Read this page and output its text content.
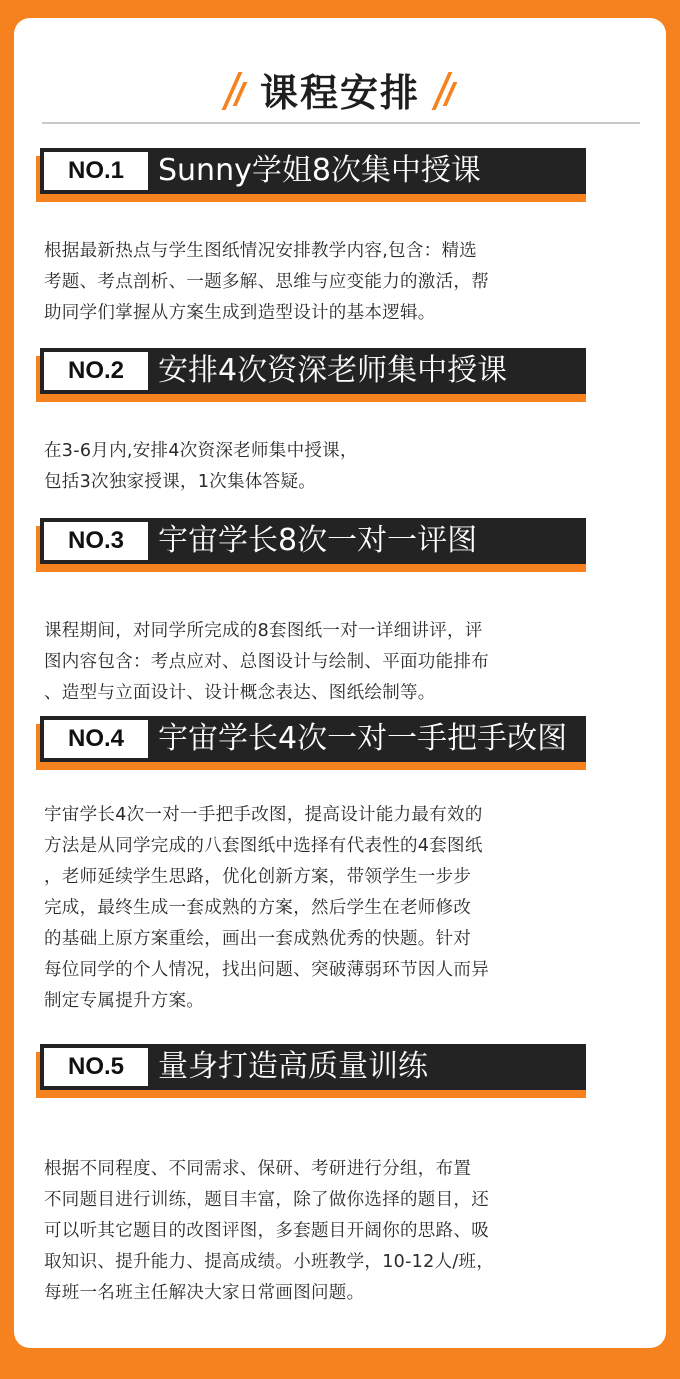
课程安排
NO.1	Sunny学姐8次集中授课
根据最新热点与学生图纸情况安排教学内容,包含：精选
考题、考点剖析、一题多解、思维与应变能力的激活，帮
助同学们掌握从方案生成到造型设计的基本逻辑。
NO.2	安排4次资深老师集中授课
在3-6月内,安排4次资深老师集中授课，
包括3次独家授课，1次集体答疑。
NO.3	宇宙学长8次一对一评图
课程期间，对同学所完成的8套图纸一对一详细讲评，评
图内容包含：考点应对、总图设计与绘制、平面功能排布
、造型与立面设计、设计概念表达、图纸绘制等。
NO.4	宇宙学长4次一对一手把手改图
宇宙学长4次一对一手把手改图，提高设计能力最有效的
方法是从同学完成的八套图纸中选择有代表性的4套图纸
，老师延续学生思路，优化创新方案，带领学生一步步
完成，最终生成一套成熟的方案，然后学生在老师修改
的基础上原方案重绘，画出一套成熟优秀的快题。针对
每位同学的个人情况，找出问题、突破薄弱环节因人而异
制定专属提升方案。
NO.5	量身打造高质量训练
根据不同程度、不同需求、保研、考研进行分组，布置
不同题目进行训练，题目丰富，除了做你选择的题目，还
可以听其它题目的改图评图，多套题目开阔你的思路、吸
取知识、提升能力、提高成绩。小班教学，10-12人/班，
每班一名班主任解决大家日常画图问题。
